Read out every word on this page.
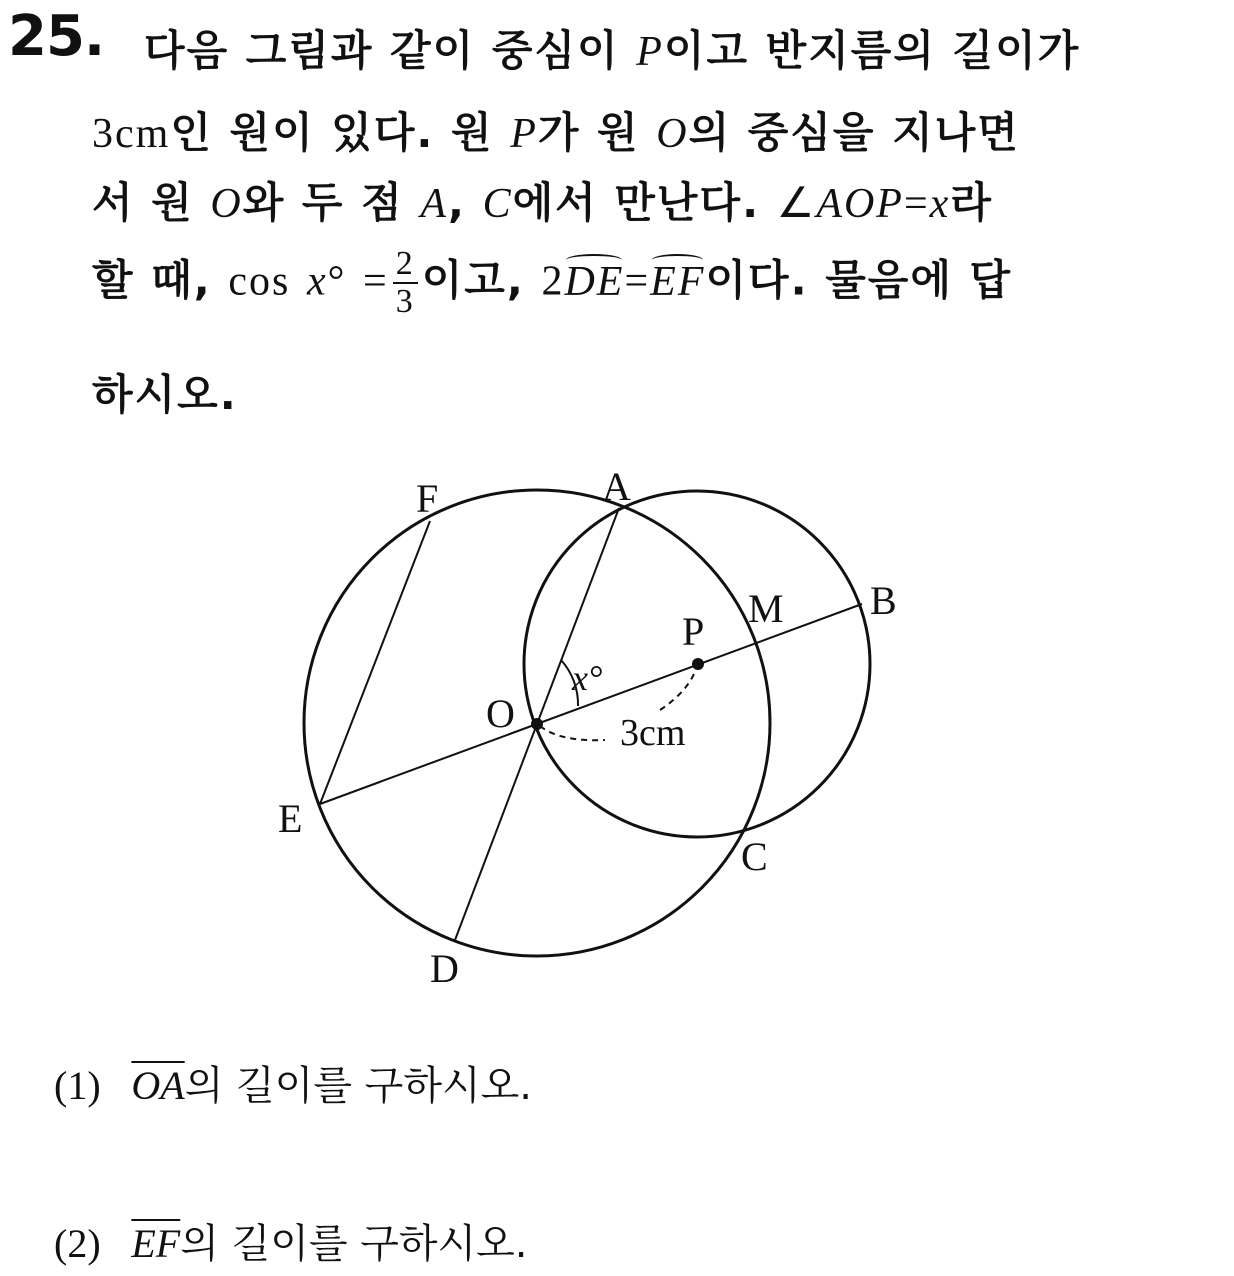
25. 다음 그림과 같이 중심이 P이고 반지름의 길이가
3cm인 원이 있다. 원 P가 원 O의 중심을 지나면
서 원 O와 두 점 A, C에서 만난다. ∠AOP=x라
할 때, $\cos x^\circ = \frac{2}{3}$ 이고, 2DE=EF이다. 물음에 답
하시오.
F	A
B
M
P
x°
O	3cm
E
C
D
(1) $\overline{OA}$의 길이를 구하시오.
(2) $\overline{EF}$의 길이를 구하시오.
